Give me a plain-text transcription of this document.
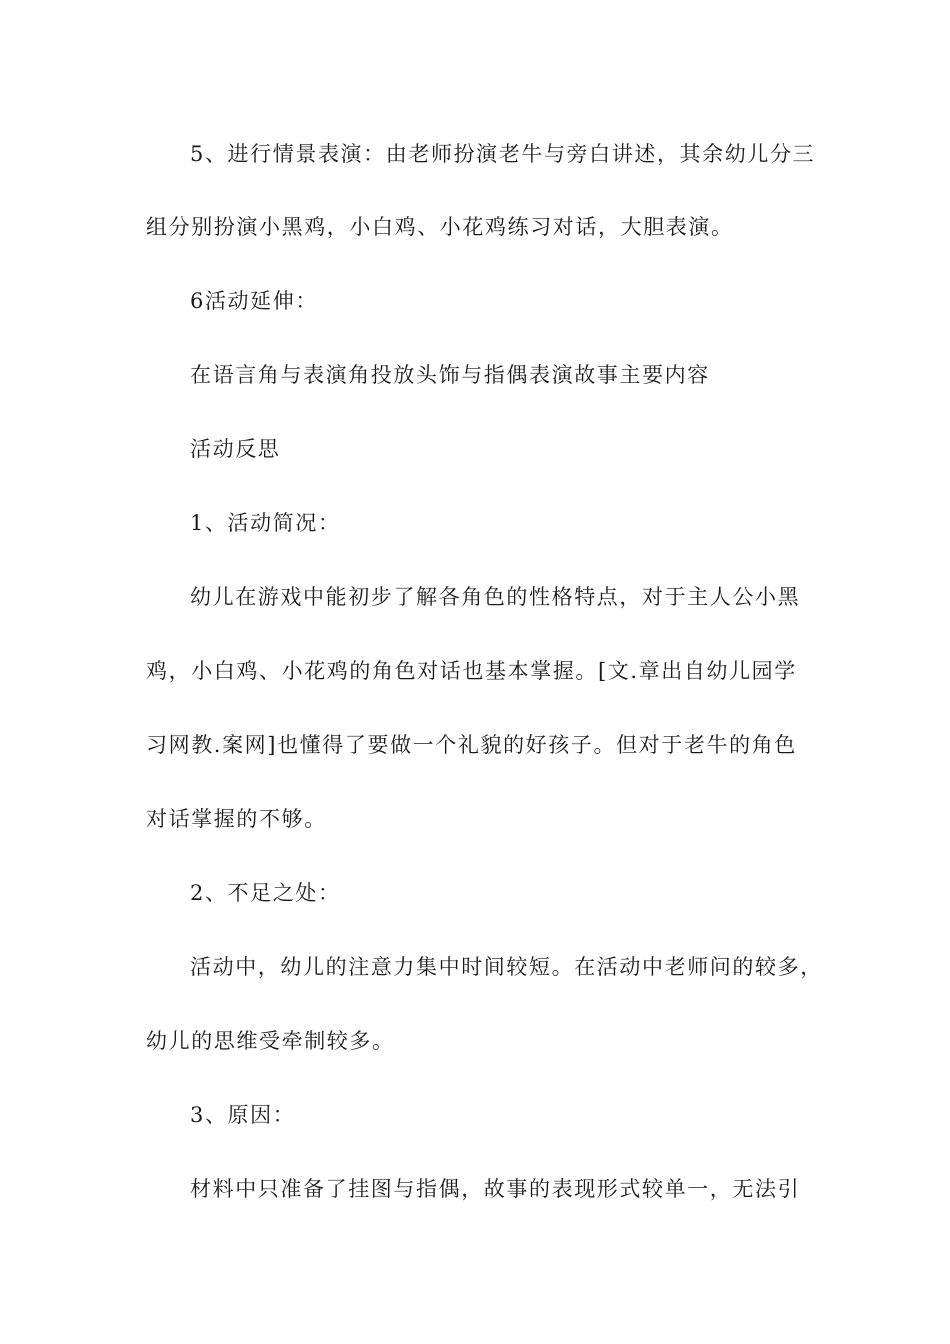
5、进行情景表演：由老师扮演老牛与旁白讲述，其余幼儿分三

组分别扮演小黑鸡，小白鸡、小花鸡练习对话，大胆表演。

6活动延伸：

在语言角与表演角投放头饰与指偶表演故事主要内容

活动反思

1、活动简况：

幼儿在游戏中能初步了解各角色的性格特点，对于主人公小黑

鸡，小白鸡、小花鸡的角色对话也基本掌握。[文.章出自幼儿园学

习网教.案网]也懂得了要做一个礼貌的好孩子。但对于老牛的角色

对话掌握的不够。

2、不足之处：

活动中，幼儿的注意力集中时间较短。在活动中老师问的较多，

幼儿的思维受牵制较多。

3、原因：

材料中只准备了挂图与指偶，故事的表现形式较单一，无法引
